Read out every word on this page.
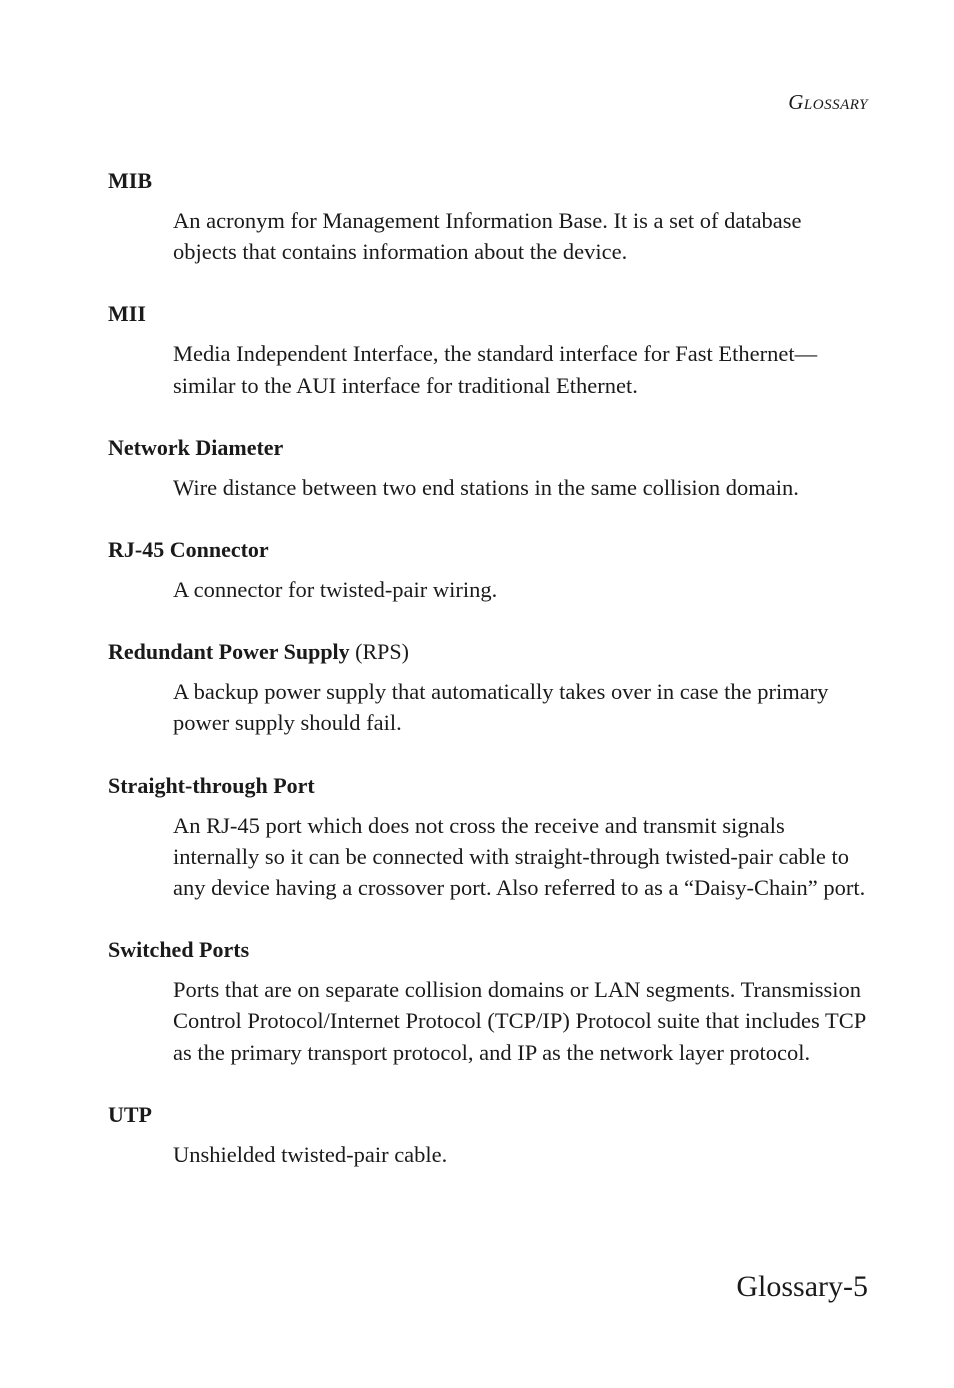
Glossary

MIB

An acronym for Management Information Base. It is a set of database objects that contains information about the device.

MII

Media Independent Interface, the standard interface for Fast Ethernet—similar to the AUI interface for traditional Ethernet.

Network Diameter

Wire distance between two end stations in the same collision domain.

RJ-45 Connector

A connector for twisted-pair wiring.

Redundant Power Supply (RPS)

A backup power supply that automatically takes over in case the primary power supply should fail.

Straight-through Port

An RJ-45 port which does not cross the receive and transmit signals internally so it can be connected with straight-through twisted-pair cable to any device having a crossover port. Also referred to as a “Daisy-Chain” port.

Switched Ports

Ports that are on separate collision domains or LAN segments. Transmission Control Protocol/Internet Protocol (TCP/IP) Protocol suite that includes TCP as the primary transport protocol, and IP as the network layer protocol.

UTP

Unshielded twisted-pair cable.

Glossary-5
